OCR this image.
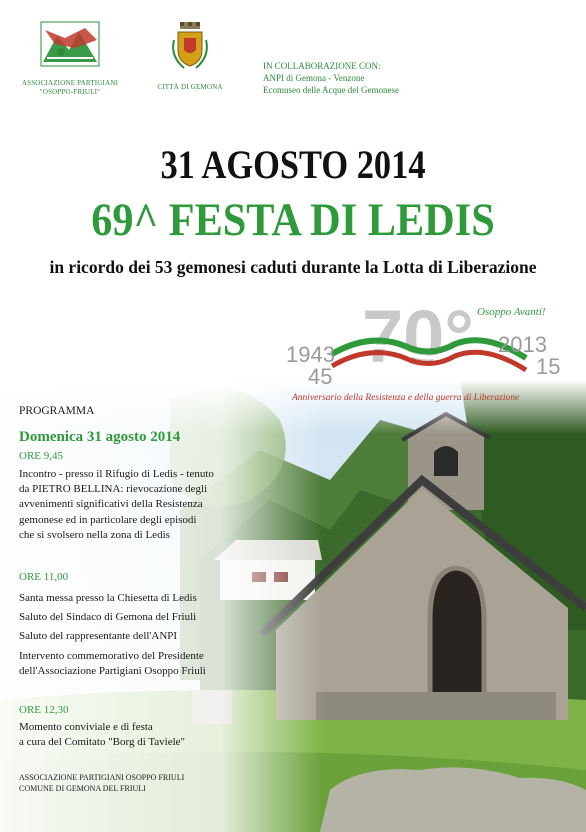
ASSOCIAZIONE PARTIGIANI
"OSOPPO-FRIULI"
CITTÀ DI GEMONA
IN COLLABORAZIONE CON:
ANPI di Gemona - Venzone
Ecomuseo delle Acque del Gemonese
31 AGOSTO 2014
69^ FESTA DI LEDIS
in ricordo dei 53 gemonesi caduti durante la Lotta di Liberazione
70°
1943
45
2013
15
Osoppo Avanti!
Anniversario della Resistenza e della guerra di Liberazione
PROGRAMMA
Domenica 31 agosto 2014
ORE 9,45
Incontro - presso il Rifugio di Ledis - tenuto
da PIETRO BELLINA: rievocazione degli
avvenimenti significativi della Resistenza
gemonese ed in particolare degli episodi
che si svolsero nella zona di Ledis
ORE 11,00
Santa messa presso la Chiesetta di Ledis
Saluto del Sindaco di Gemona del Friuli
Saluto del rappresentante dell'ANPI
Intervento commemorativo del Presidente
dell'Associazione Partigiani Osoppo Friuli
ORE 12,30
Momento conviviale e di festa
a cura del Comitato "Borg di Taviele"
ASSOCIAZIONE PARTIGIANI OSOPPO FRIULI
COMUNE DI GEMONA DEL FRIULI
